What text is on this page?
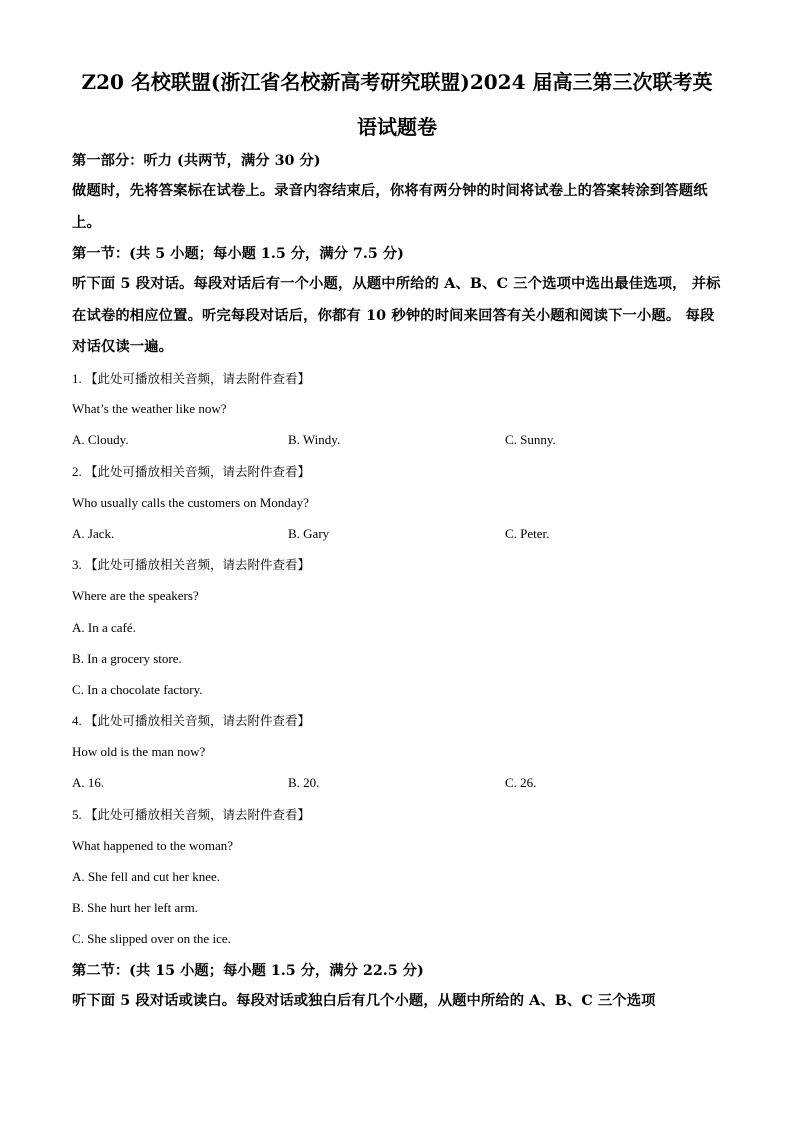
Z20 名校联盟(浙江省名校新高考研究联盟)2024 届高三第三次联考英
语试题卷
第一部分：听力 (共两节，满分 30 分)
做题时，先将答案标在试卷上。录音内容结束后，你将有两分钟的时间将试卷上的答案转涂到答题纸上。
第一节：(共 5 小题；每小题 1.5 分，满分 7.5 分)
听下面 5 段对话。每段对话后有一个小题，从题中所给的 A、B、C 三个选项中选出最佳选项， 并标在试卷的相应位置。听完每段对话后，你都有 10 秒钟的时间来回答有关小题和阅读下一小题。 每段对话仅读一遍。
1. 【此处可播放相关音频，请去附件查看】
What’s the weather like now?
A. Cloudy.	B. Windy.	C. Sunny.
2. 【此处可播放相关音频，请去附件查看】
Who usually calls the customers on Monday?
A. Jack.	B. Gary	C. Peter.
3. 【此处可播放相关音频，请去附件查看】
Where are the speakers?
A. In a café.
B. In a grocery store.
C. In a chocolate factory.
4. 【此处可播放相关音频，请去附件查看】
How old is the man now?
A. 16.	B. 20.	C. 26.
5. 【此处可播放相关音频，请去附件查看】
What happened to the woman?
A. She fell and cut her knee.
B. She hurt her left arm.
C. She slipped over on the ice.
第二节：(共 15 小题；每小题 1.5 分，满分 22.5 分)
听下面 5 段对话或读白。每段对话或独白后有几个小题，从题中所给的 A、B、C 三个选项
